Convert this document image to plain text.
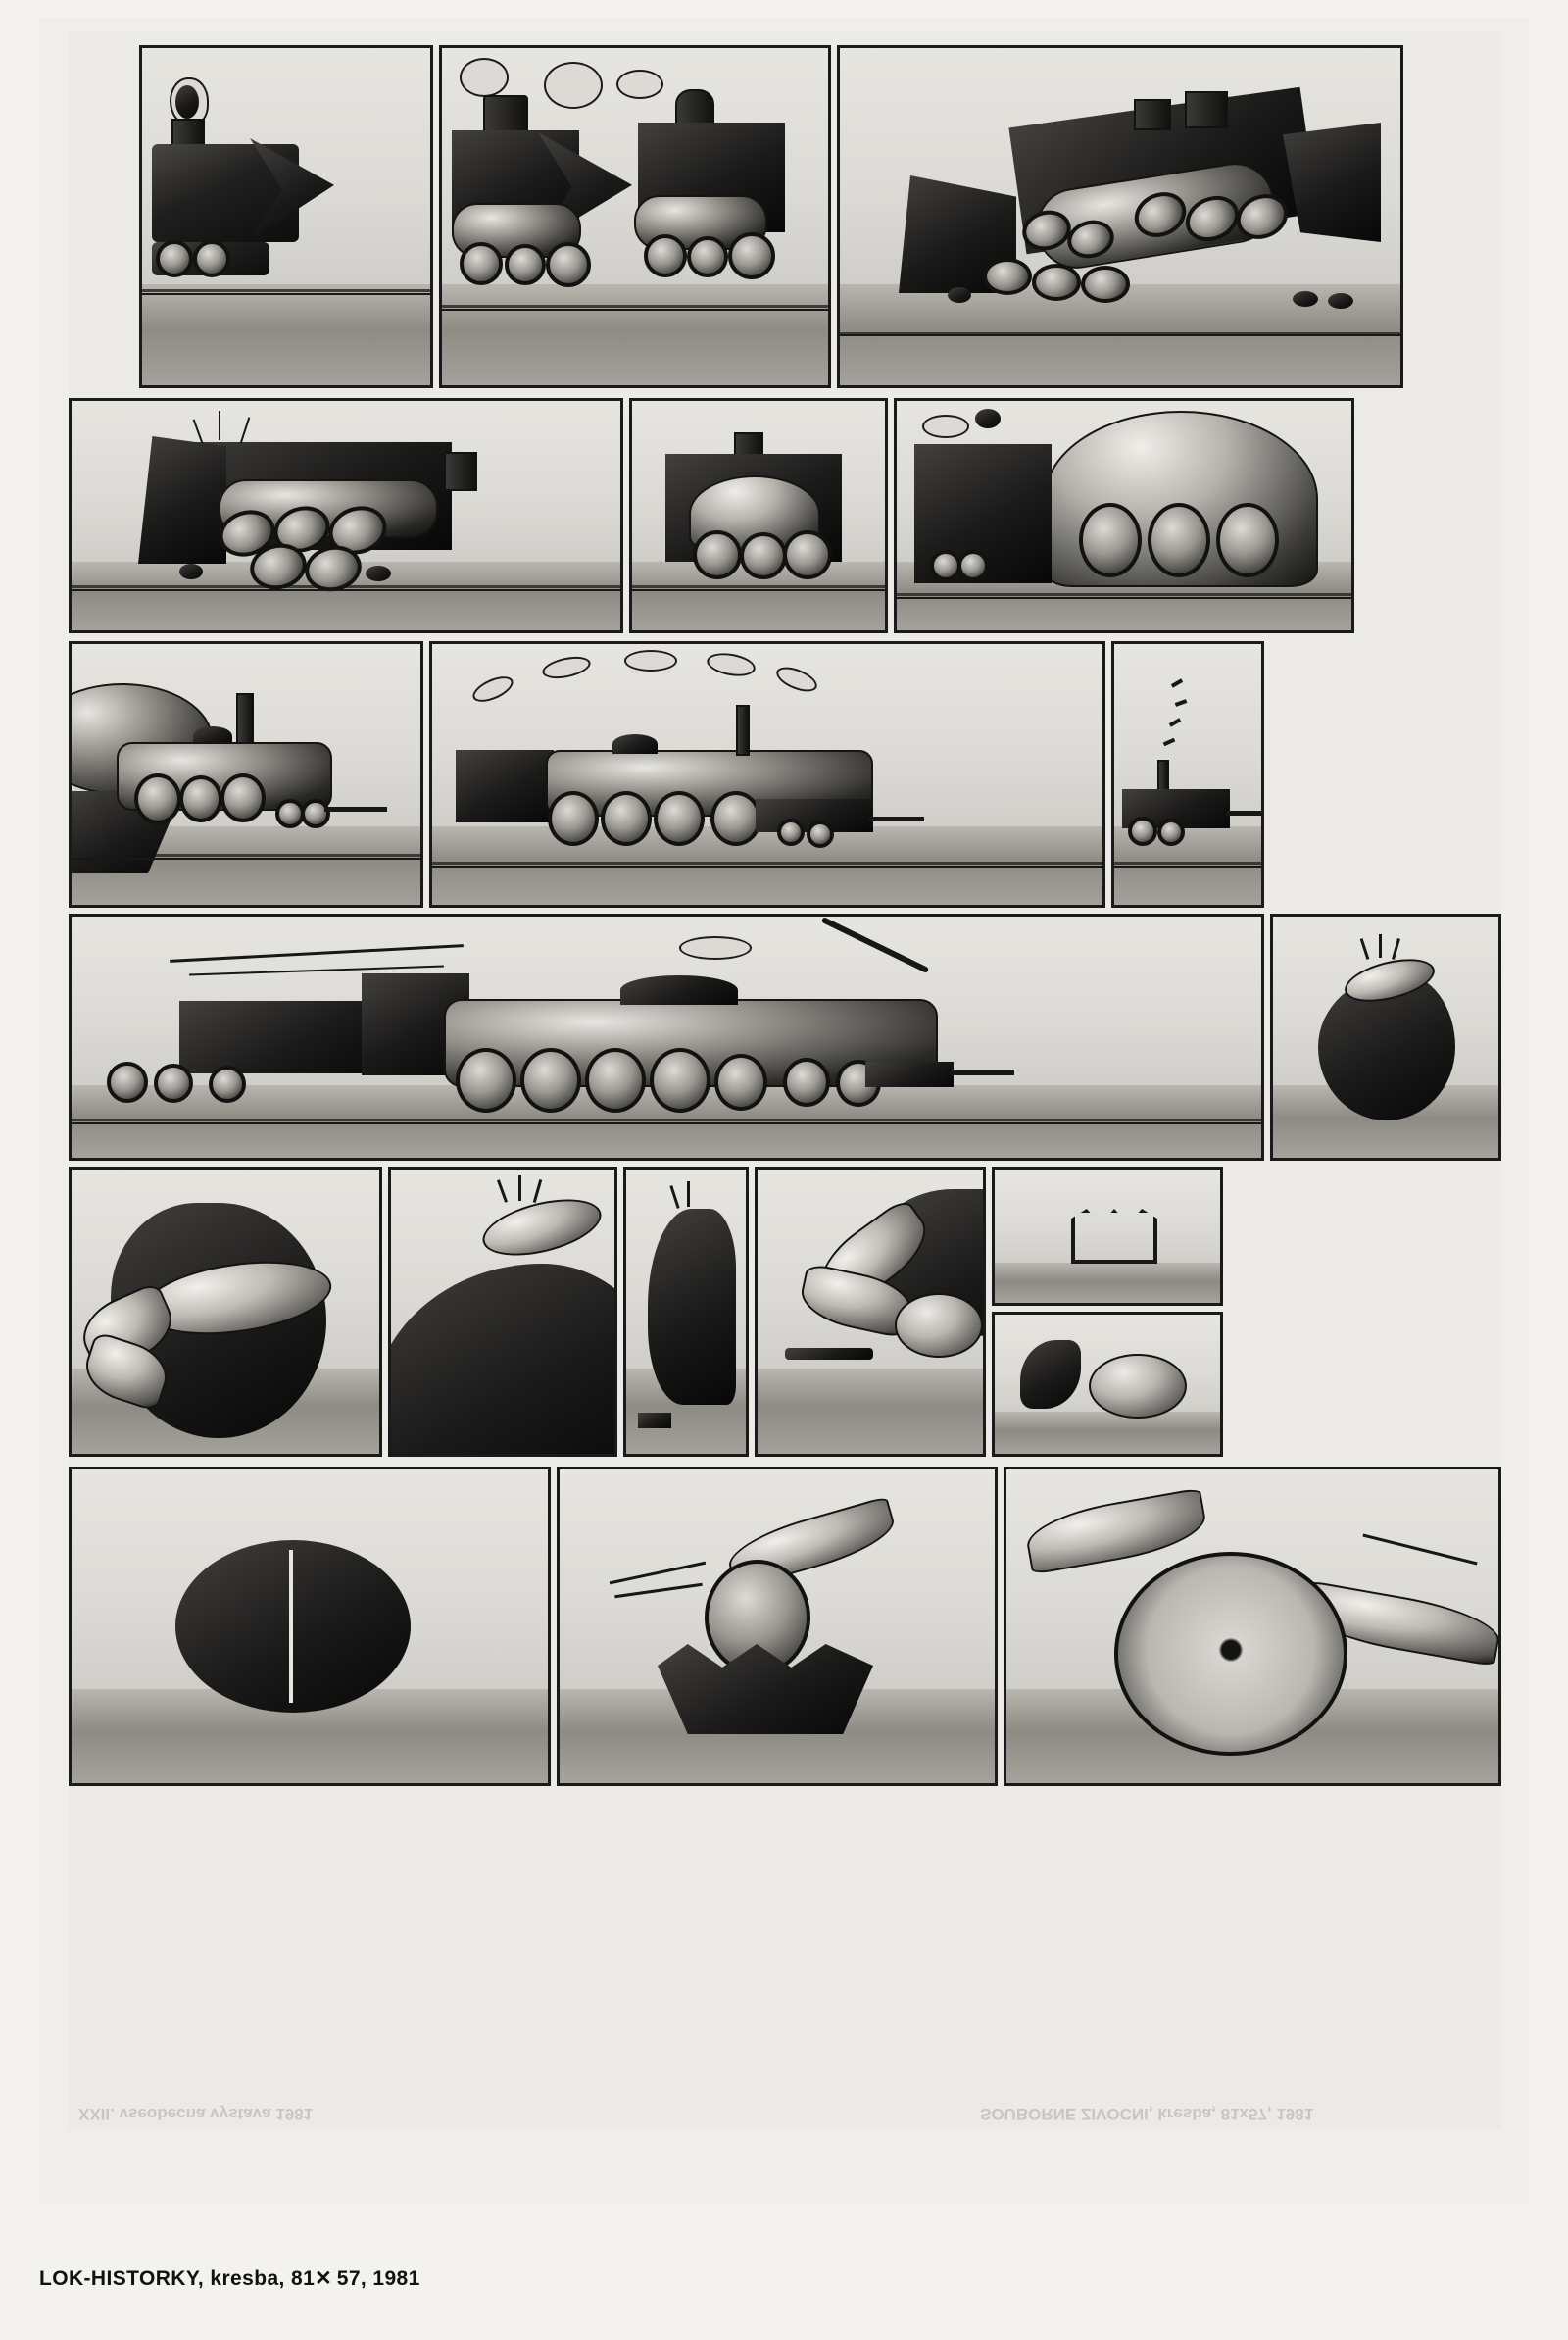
XXII. vseobecna vystava 1981	SOUBORNE ZIVOCNI, kresba, 81x57, 1981
LOK-HISTORKY, kresba, 81✕ 57, 1981
